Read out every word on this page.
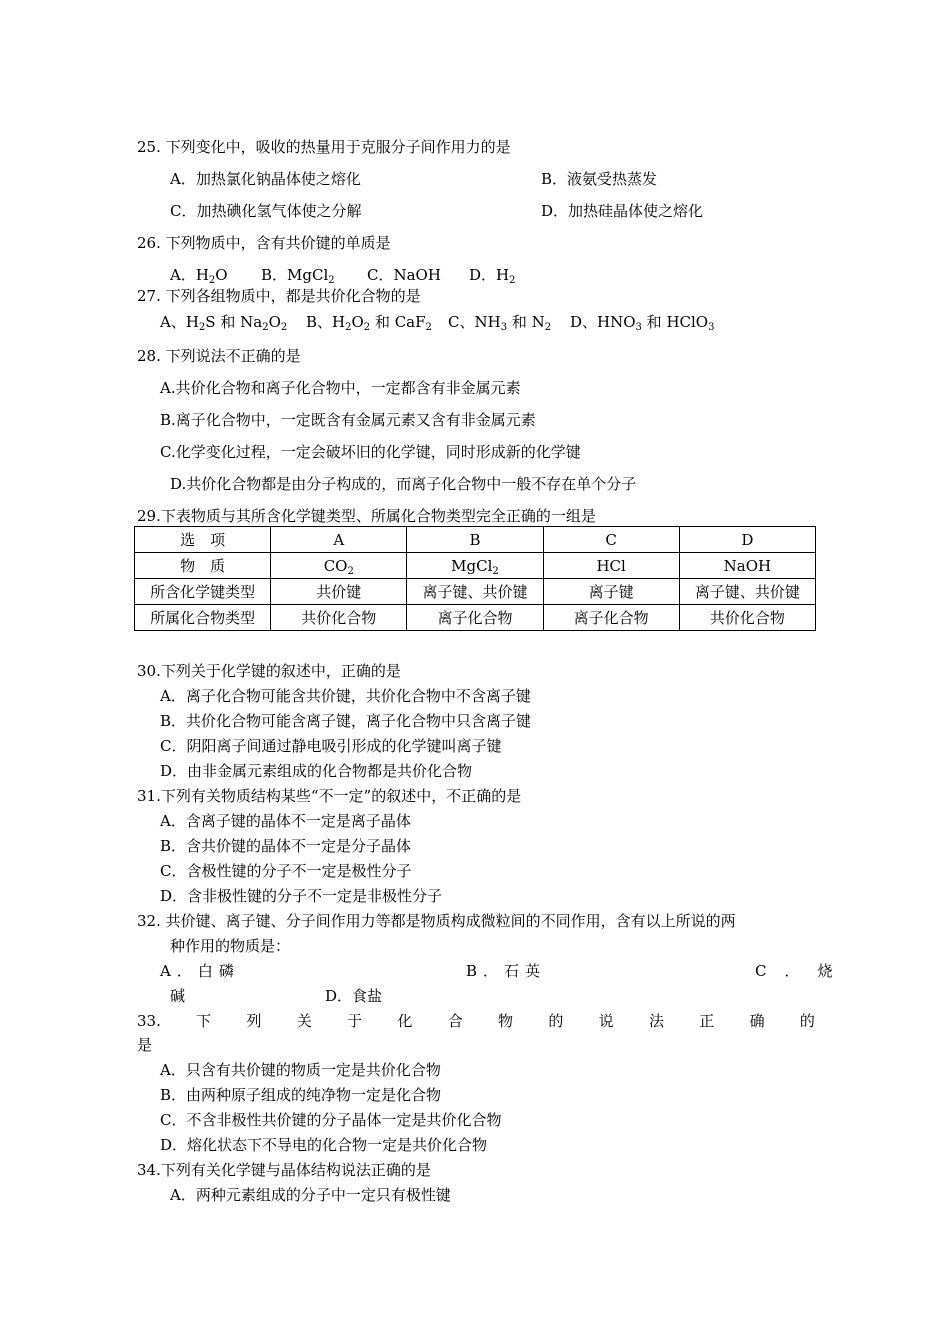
25. 下列变化中，吸收的热量用于克服分子间作用力的是
A．加热氯化钠晶体使之熔化	B．液氨受热蒸发
C．加热碘化氢气体使之分解	D．加热硅晶体使之熔化
26. 下列物质中，含有共价键的单质是
A．$H_2O$ B．MgCl$_2$ C．NaOH D．$H_2$
27. 下列各组物质中，都是共价化合物的是
A、$H_2S$ 和 $Na_2O_2$ B、$H_2O_2$ 和 CaF$_2$ C、$NH_3$ 和 $N_2$ D、$HNO_3$ 和 HClO$_3$
28. 下列说法不正确的是
A.共价化合物和离子化合物中，一定都含有非金属元素
B.离子化合物中，一定既含有金属元素又含有非金属元素
C.化学变化过程，一定会破坏旧的化学键，同时形成新的化学键
D.共价化合物都是由分子构成的，而离子化合物中一般不存在单个分子
29.下表物质与其所含化学键类型、所属化合物类型完全正确的一组是
选　项	A	B	C	D
物　质	$CO_2$	MgCl$_2$	HCl	NaOH
所含化学键类型	共价键	离子键、共价键	离子键	离子键、共价键
所属化合物类型	共价化合物	离子化合物	离子化合物	共价化合物
30.下列关于化学键的叙述中，正确的是
A．离子化合物可能含共价键，共价化合物中不含离子键
B．共价化合物可能含离子键，离子化合物中只含离子键
C．阴阳离子间通过静电吸引形成的化学键叫离子键
D．由非金属元素组成的化合物都是共价化合物
31.下列有关物质结构某些“不一定”的叙述中，不正确的是
A．含离子键的晶体不一定是离子晶体
B．含共价键的晶体不一定是分子晶体
C．含极性键的分子不一定是极性分子
D．含非极性键的分子不一定是非极性分子
32. 共价键、离子键、分子间作用力等都是物质构成微粒间的不同作用，含有以上所说的两
种作用的物质是：
A．白磷	B．石英	C．烧
碱	D．食盐
33. 下 列 关 于 化 合 物 的 说 法 正 确 的
是
A．只含有共价键的物质一定是共价化合物
B．由两种原子组成的纯净物一定是化合物
C．不含非极性共价键的分子晶体一定是共价化合物
D．熔化状态下不导电的化合物一定是共价化合物
34.下列有关化学键与晶体结构说法正确的是
A．两种元素组成的分子中一定只有极性键
